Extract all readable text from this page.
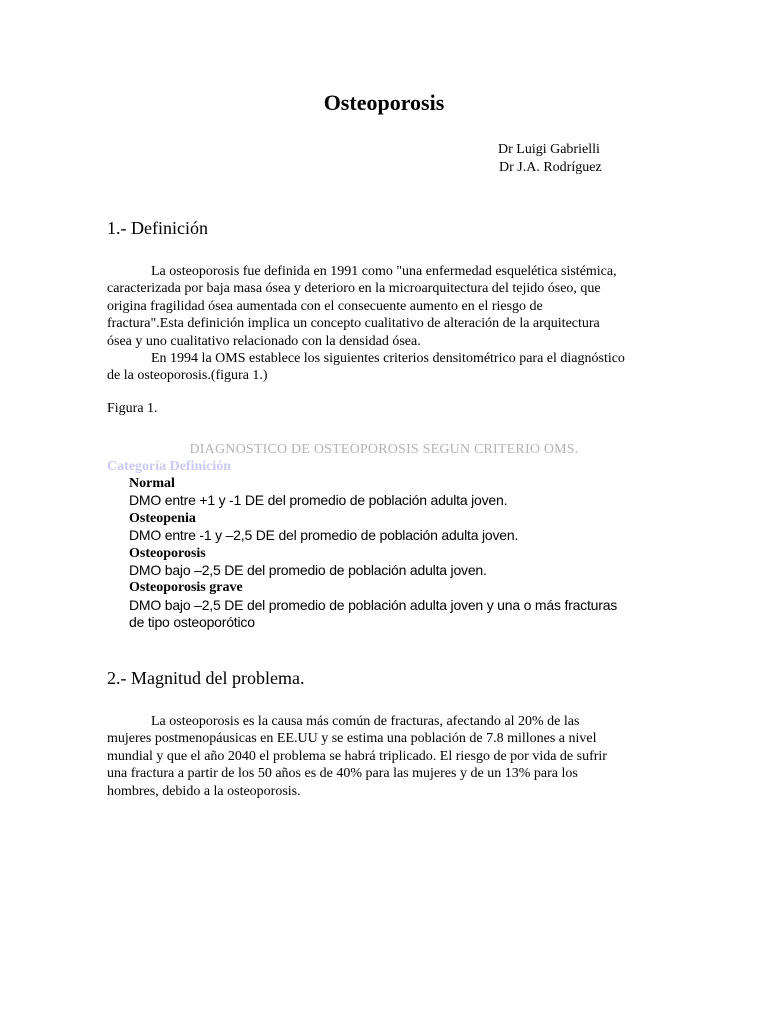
Osteoporosis
Dr Luigi Gabrielli
Dr J.A. Rodríguez
1.- Definición
La osteoporosis fue definida en 1991 como "una enfermedad esquelética sistémica,
caracterizada por baja masa ósea y deterioro en la microarquitectura del tejido óseo, que
origina fragilidad ósea aumentada con el consecuente aumento en el riesgo de
fractura".Esta definición implica un concepto cualitativo de alteración de la arquitectura
ósea y uno cualitativo relacionado con la densidad ósea.
En 1994 la OMS establece los siguientes criterios densitométrico para el diagnóstico
de la osteoporosis.(figura 1.)
Figura 1.
DIAGNOSTICO DE OSTEOPOROSIS SEGUN CRITERIO OMS.
Categoría Definición
Normal
DMO entre +1 y -1 DE del promedio de población adulta joven.
Osteopenia
DMO entre -1 y –2,5 DE del promedio de población adulta joven.
Osteoporosis
DMO bajo –2,5 DE del promedio de población adulta joven.
Osteoporosis grave
DMO bajo –2,5 DE del promedio de población adulta joven y una o más fracturas
de tipo osteoporótico
2.- Magnitud del problema.
La osteoporosis es la causa más común de fracturas, afectando al 20% de las
mujeres postmenopáusicas en EE.UU y se estima una población de 7.8 millones a nivel
mundial y que el año 2040 el problema se habrá triplicado. El riesgo de por vida de sufrir
una fractura a partir de los 50 años es de 40% para las mujeres y de un 13% para los
hombres, debido a la osteoporosis.
